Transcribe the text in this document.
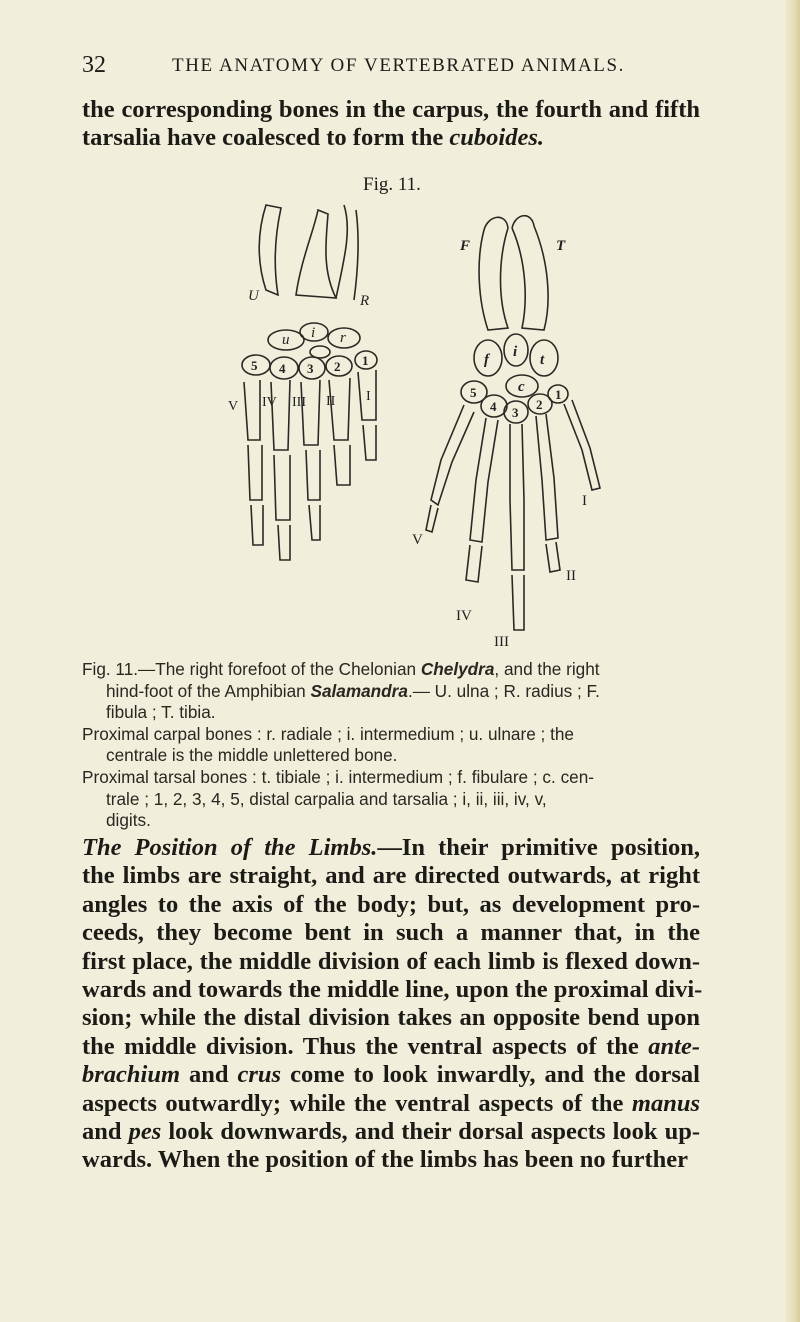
32	THE ANATOMY OF VERTEBRATED ANIMALS.
the corresponding bones in the carpus, the fourth and fifth
tarsalia have coalesced to form the cuboides.
Fig. 11.
U	R
u i r
5 4 3 2 1
V IV III II I
F	T
f i t
c
5
4 3
2
1
I
II
III
IV
V
Fig. 11.—The right forefoot of the Chelonian Chelydra, and the right
hind-foot of the Amphibian Salamandra.— U. ulna ; R. radius ; F.
fibula ; T. tibia.
Proximal carpal bones : r. radiale ; i. intermedium ; u. ulnare ; the
centrale is the middle unlettered bone.
Proximal tarsal bones : t. tibiale ; i. intermedium ; f. fibulare ; c. cen-
trale ; 1, 2, 3, 4, 5, distal carpalia and tarsalia ; i, ii, iii, iv, v,
digits.
The Position of the Limbs.—In their primitive position,
the limbs are straight, and are directed outwards, at right
angles to the axis of the body; but, as development pro-
ceeds, they become bent in such a manner that, in the
first place, the middle division of each limb is flexed down-
wards and towards the middle line, upon the proximal divi-
sion; while the distal division takes an opposite bend upon
the middle division. Thus the ventral aspects of the ante-
brachium and crus come to look inwardly, and the dorsal
aspects outwardly; while the ventral aspects of the manus
and pes look downwards, and their dorsal aspects look up-
wards. When the position of the limbs has been no further
